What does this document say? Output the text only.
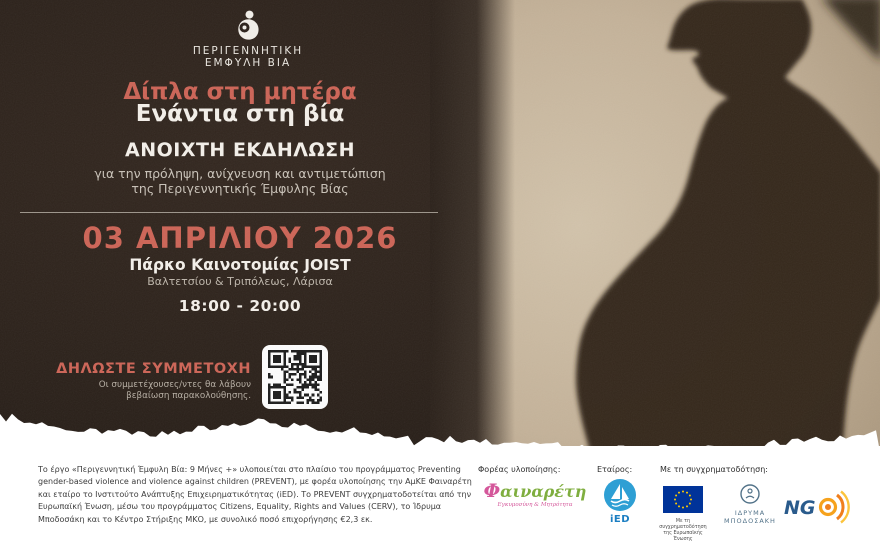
ΠΕΡΙΓΕΝΝΗΤΙΚΗ
ΕΜΦΥΛΗ ΒΙΑ
Δίπλα στη μητέρα
Ενάντια στη βία
ΑΝΟΙΧΤΗ ΕΚΔΗΛΩΣΗ
για την πρόληψη, ανίχνευση και αντιμετώπιση
της Περιγεννητικής Έμφυλης Βίας
03 ΑΠΡΙΛΙΟΥ 2026
Πάρκο Καινοτομίας JOIST
Βαλτετσίου & Τριπόλεως, Λάρισα
18:00 - 20:00
ΔΗΛΩΣΤΕ ΣΥΜΜΕΤΟΧΗ
Οι συμμετέχουσες/ντες θα λάβουν
βεβαίωση παρακολούθησης.
Το έργο «Περιγεννητική Έμφυλη Βία: 9 Μήνες +» υλοποιείται στο πλαίσιο του προγράμματος Preventing gender-based violence and violence against children (PREVENT), με φορέα υλοποίησης την ΑμΚΕ Φαιναρέτη και εταίρο το Ινστιτούτο Ανάπτυξης Επιχειρηματικότητας (iED). Το PREVENT συγχρηματοδοτείται από την Ευρωπαϊκή Ένωση, μέσω του προγράμματος Citizens, Equality, Rights and Values (CERV), το Ίδρυμα Μποδοσάκη και το Κέντρο Στήριξης ΜΚΟ, με συνολικό ποσό επιχορήγησης €2,3 εκ.
Φορέας υλοποίησης:	Εταίρος:	Με τη συγχρηματοδότηση:
Φαιναρέτη
Εγκυμοσύνη & Μητρότητα
iED	Με τη συγχρηματοδότηση
της Ευρωπαϊκής Ένωσης
ΙΔΡΥΜΑ
ΜΠΟΔΟΣΑΚΗ
NG
